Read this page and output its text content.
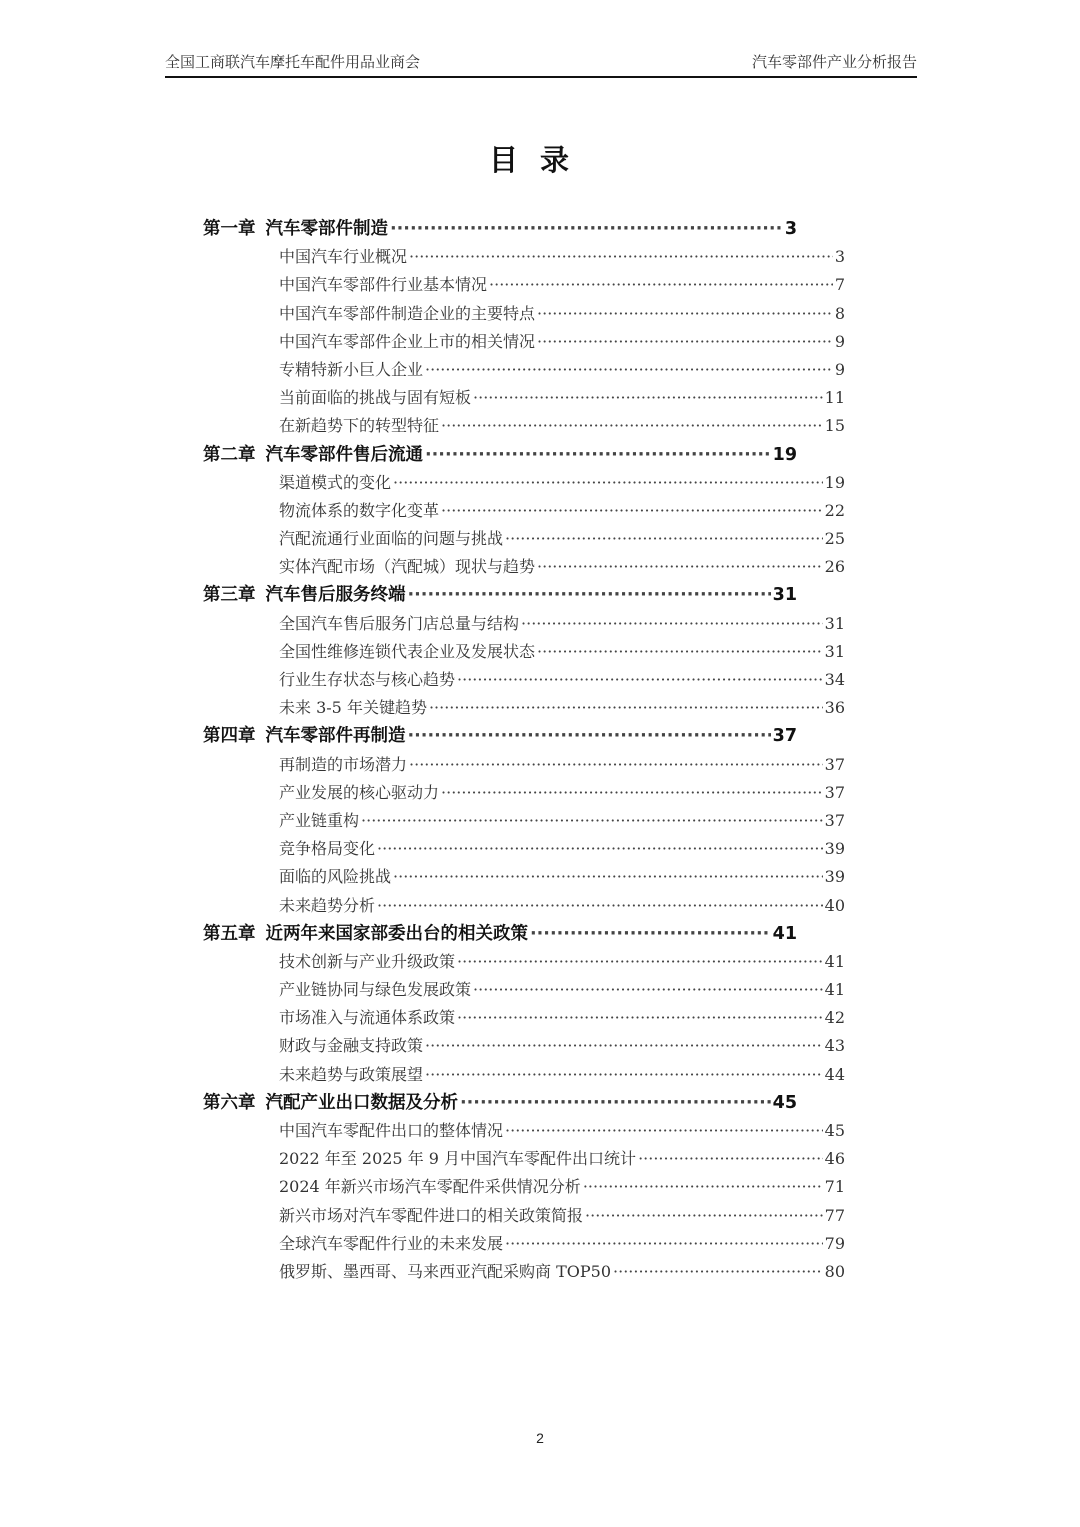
全国工商联汽车摩托车配件用品业商会	汽车零部件产业分析报告
目录
第一章 汽车零部件制造 ·····	3
中国汽车行业概况 ·····	3
中国汽车零部件行业基本情况 ·····	7
中国汽车零部件制造企业的主要特点 ·····	8
中国汽车零部件企业上市的相关情况 ·····	9
专精特新小巨人企业 ·····	9
当前面临的挑战与固有短板 ·····	11
在新趋势下的转型特征 ·····	15
第二章 汽车零部件售后流通 ·····	19
渠道模式的变化 ·····	19
物流体系的数字化变革 ·····	22
汽配流通行业面临的问题与挑战 ·····	25
实体汽配市场（汽配城）现状与趋势 ·····	26
第三章 汽车售后服务终端 ·····	31
全国汽车售后服务门店总量与结构 ·····	31
全国性维修连锁代表企业及发展状态 ·····	31
行业生存状态与核心趋势 ·····	34
未来 3-5 年关键趋势 ·····	36
第四章 汽车零部件再制造 ·····	37
再制造的市场潜力 ·····	37
产业发展的核心驱动力 ·····	37
产业链重构 ·····	37
竞争格局变化 ·····	39
面临的风险挑战 ·····	39
未来趋势分析 ·····	40
第五章 近两年来国家部委出台的相关政策 ·····	41
技术创新与产业升级政策 ·····	41
产业链协同与绿色发展政策 ·····	41
市场准入与流通体系政策 ·····	42
财政与金融支持政策 ·····	43
未来趋势与政策展望 ·····	44
第六章 汽配产业出口数据及分析 ·····	45
中国汽车零配件出口的整体情况 ·····	45
2022 年至 2025 年 9 月中国汽车零配件出口统计 ·····	46
2024 年新兴市场汽车零配件采供情况分析 ·····	71
新兴市场对汽车零配件进口的相关政策简报 ·····	77
全球汽车零配件行业的未来发展 ·····	79
俄罗斯、墨西哥、马来西亚汽配采购商 TOP50 ·····	80
2
